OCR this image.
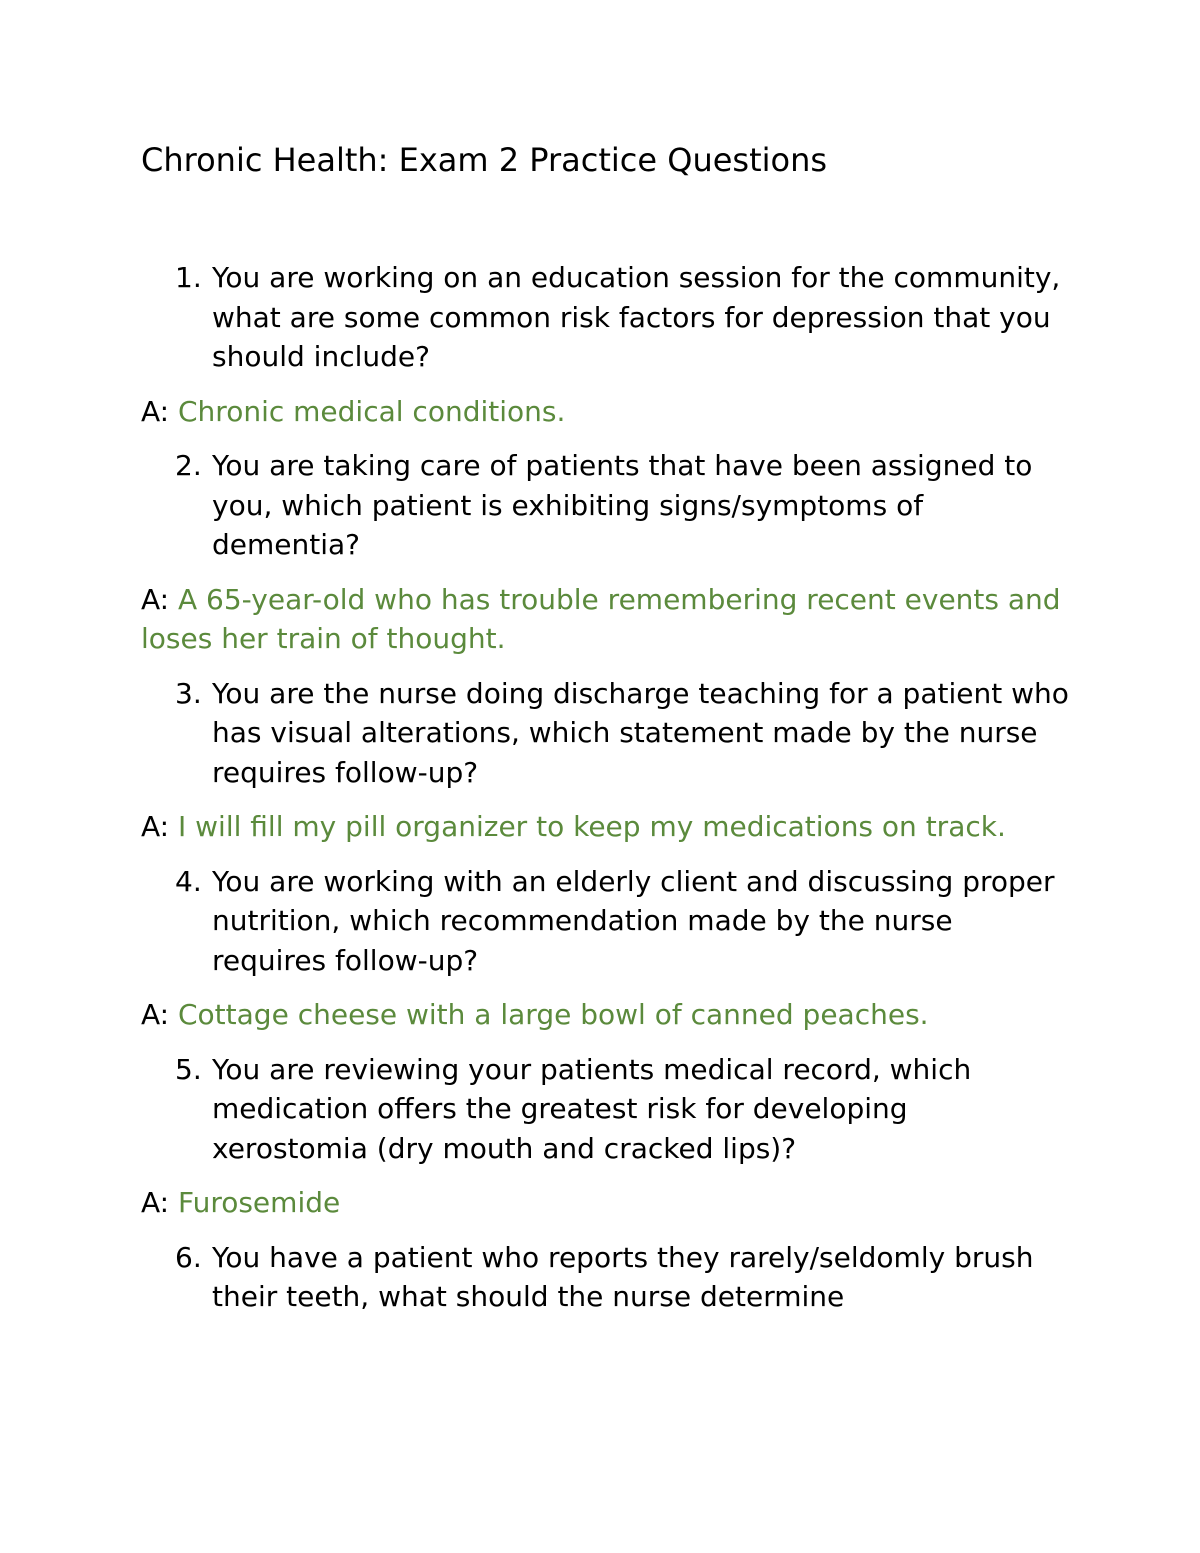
Chronic Health: Exam 2 Practice Questions
1. You are working on an education session for the community, what are some common risk factors for depression that you should include?

A: Chronic medical conditions.

2. You are taking care of patients that have been assigned to you, which patient is exhibiting signs/symptoms of dementia?

A: A 65-year-old who has trouble remembering recent events and loses her train of thought.

3. You are the nurse doing discharge teaching for a patient who has visual alterations, which statement made by the nurse requires follow-up?

A: I will fill my pill organizer to keep my medications on track.

4. You are working with an elderly client and discussing proper nutrition, which recommendation made by the nurse requires follow-up?

A: Cottage cheese with a large bowl of canned peaches.

5. You are reviewing your patients medical record, which medication offers the greatest risk for developing xerostomia (dry mouth and cracked lips)?

A: Furosemide

6. You have a patient who reports they rarely/seldomly brush their teeth, what should the nurse determine
